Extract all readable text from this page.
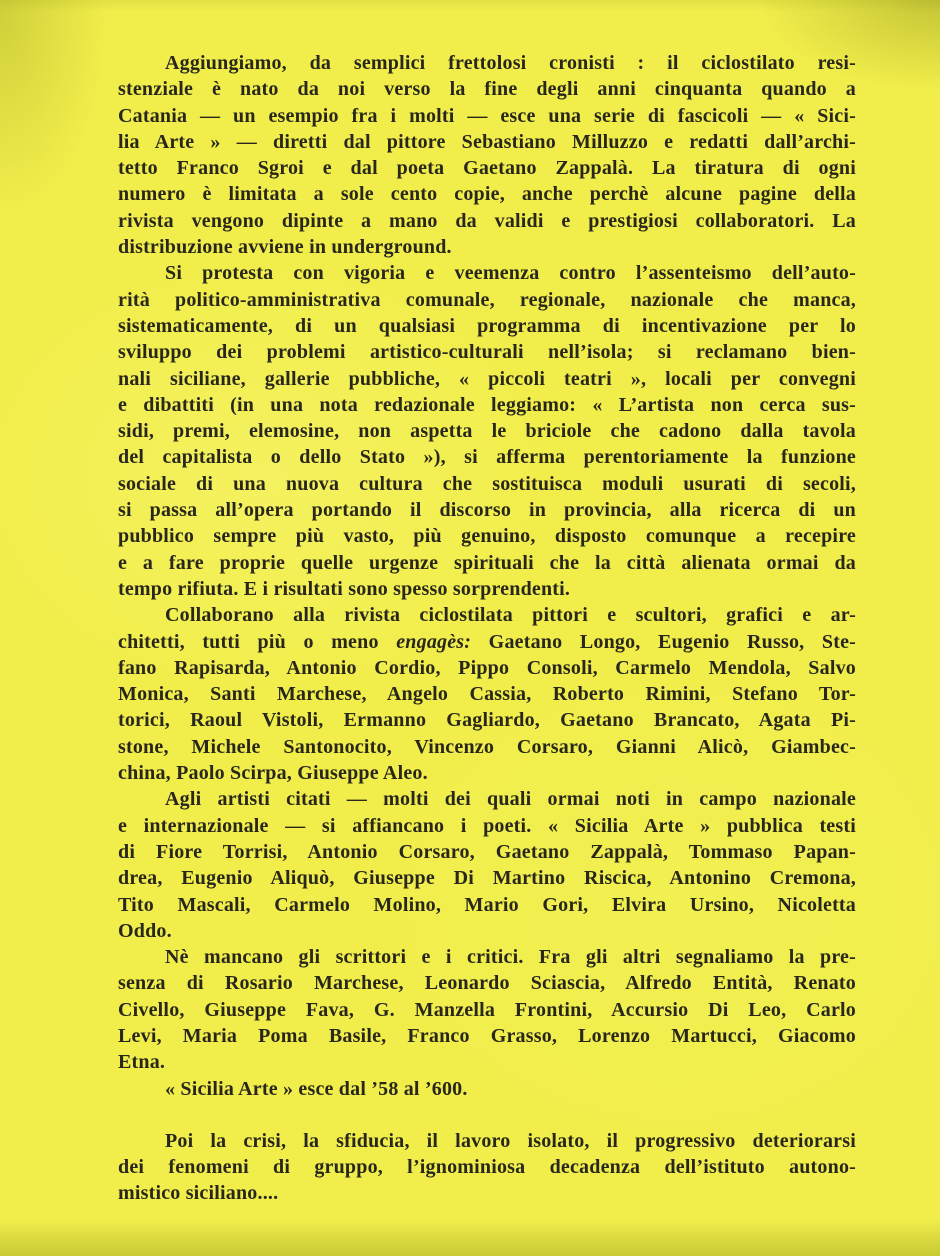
Aggiungiamo, da semplici frettolosi cronisti : il ciclostilato resi-
stenziale è nato da noi verso la fine degli anni cinquanta quando a
Catania — un esempio fra i molti — esce una serie di fascicoli — « Sici-
lia Arte » — diretti dal pittore Sebastiano Milluzzo e redatti dall’archi-
tetto Franco Sgroi e dal poeta Gaetano Zappalà. La tiratura di ogni
numero è limitata a sole cento copie, anche perchè alcune pagine della
rivista vengono dipinte a mano da validi e prestigiosi collaboratori. La
distribuzione avviene in underground.
Si protesta con vigoria e veemenza contro l’assenteismo dell’auto-
rità politico-amministrativa comunale, regionale, nazionale che manca,
sistematicamente, di un qualsiasi programma di incentivazione per lo
sviluppo dei problemi artistico-culturali nell’isola; si reclamano bien-
nali siciliane, gallerie pubbliche, « piccoli teatri », locali per convegni
e dibattiti (in una nota redazionale leggiamo: « L’artista non cerca sus-
sidi, premi, elemosine, non aspetta le briciole che cadono dalla tavola
del capitalista o dello Stato »), si afferma perentoriamente la funzione
sociale di una nuova cultura che sostituisca moduli usurati di secoli,
si passa all’opera portando il discorso in provincia, alla ricerca di un
pubblico sempre più vasto, più genuino, disposto comunque a recepire
e a fare proprie quelle urgenze spirituali che la città alienata ormai da
tempo rifiuta. E i risultati sono spesso sorprendenti.
Collaborano alla rivista ciclostilata pittori e scultori, grafici e ar-
chitetti, tutti più o meno engagès: Gaetano Longo, Eugenio Russo, Ste-
fano Rapisarda, Antonio Cordio, Pippo Consoli, Carmelo Mendola, Salvo
Monica, Santi Marchese, Angelo Cassia, Roberto Rimini, Stefano Tor-
torici, Raoul Vistoli, Ermanno Gagliardo, Gaetano Brancato, Agata Pi-
stone, Michele Santonocito, Vincenzo Corsaro, Gianni Alicò, Giambec-
china, Paolo Scirpa, Giuseppe Aleo.
Agli artisti citati — molti dei quali ormai noti in campo nazionale
e internazionale — si affiancano i poeti. « Sicilia Arte » pubblica testi
di Fiore Torrisi, Antonio Corsaro, Gaetano Zappalà, Tommaso Papan-
drea, Eugenio Aliquò, Giuseppe Di Martino Riscica, Antonino Cremona,
Tito Mascali, Carmelo Molino, Mario Gori, Elvira Ursino, Nicoletta
Oddo.
Nè mancano gli scrittori e i critici. Fra gli altri segnaliamo la pre-
senza di Rosario Marchese, Leonardo Sciascia, Alfredo Entità, Renato
Civello, Giuseppe Fava, G. Manzella Frontini, Accursio Di Leo, Carlo
Levi, Maria Poma Basile, Franco Grasso, Lorenzo Martucci, Giacomo
Etna.
« Sicilia Arte » esce dal ’58 al ’600.
Poi la crisi, la sfiducia, il lavoro isolato, il progressivo deteriorarsi
dei fenomeni di gruppo, l’ignominiosa decadenza dell’istituto autono-
mistico siciliano....
